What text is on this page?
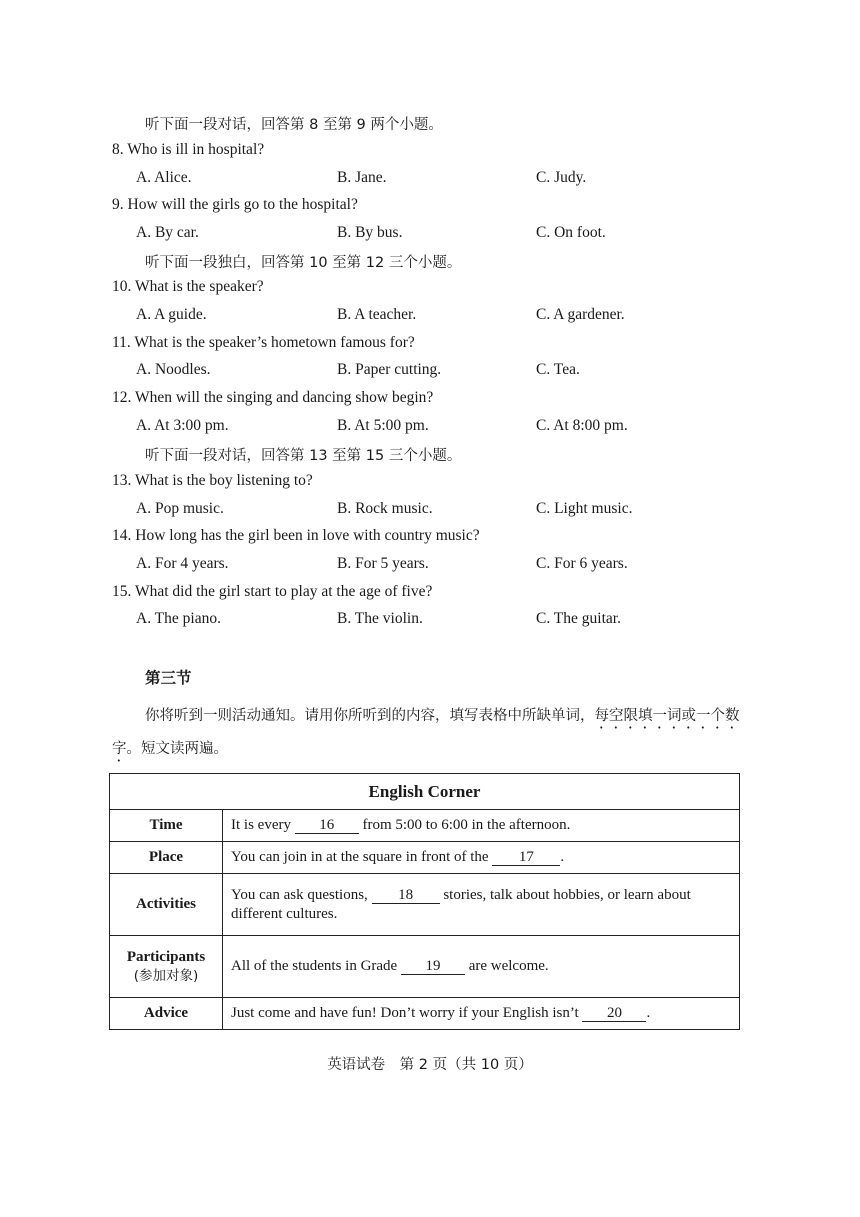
听下面一段对话，回答第 8 至第 9 两个小题。
8. Who is ill in hospital?
A. Alice.	B. Jane.	C. Judy.
9. How will the girls go to the hospital?
A. By car.	B. By bus.	C. On foot.
听下面一段独白，回答第 10 至第 12 三个小题。
10. What is the speaker?
A. A guide.	B. A teacher.	C. A gardener.
11. What is the speaker’s hometown famous for?
A. Noodles.	B. Paper cutting.	C. Tea.
12. When will the singing and dancing show begin?
A. At 3:00 pm.	B. At 5:00 pm.	C. At 8:00 pm.
听下面一段对话，回答第 13 至第 15 三个小题。
13. What is the boy listening to?
A. Pop music.	B. Rock music.	C. Light music.
14. How long has the girl been in love with country music?
A. For 4 years.	B. For 5 years.	C. For 6 years.
15. What did the girl start to play at the age of five?
A. The piano.	B. The violin.	C. The guitar.
第三节
你将听到一则活动通知。请用你所听到的内容，填写表格中所缺单词，每空限填一词或一个数字。短文读两遍。
English Corner	
Time	It is every 16 from 5:00 to 6:00 in the afternoon.
Place	You can join in at the square in front of the 17 .
Activities	You can ask questions, 18 stories, talk about hobbies, or learn about different cultures.
Participants
(参加对象)	All of the students in Grade 19 are welcome.
Advice	Just come and have fun! Don’t worry if your English isn’t 20 .
英语试卷　第 2 页（共 10 页）
